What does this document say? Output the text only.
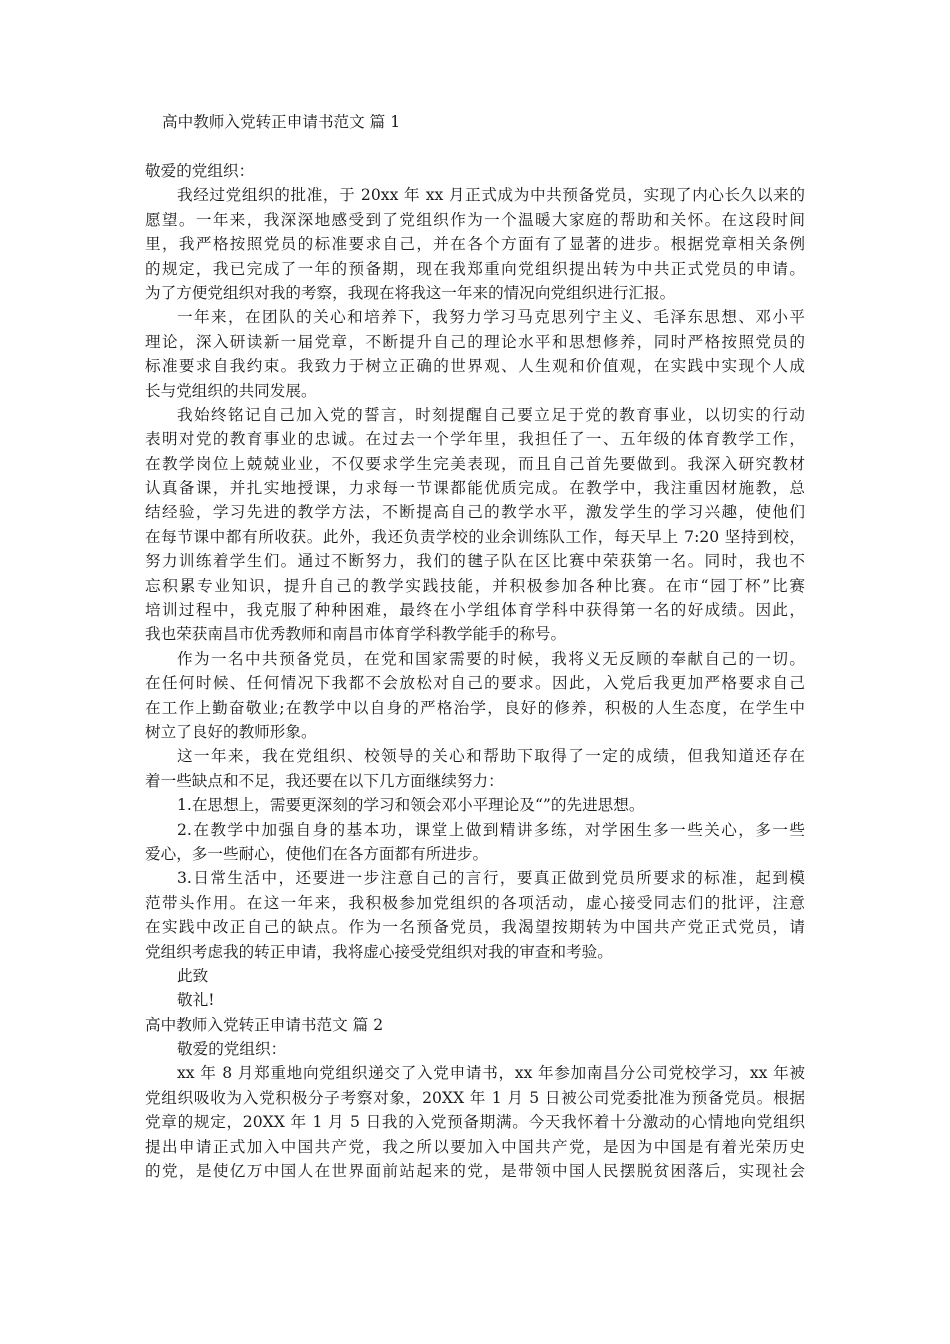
高中教师入党转正申请书范文 篇 1
敬爱的党组织：
我经过党组织的批准，于 20xx 年 xx 月正式成为中共预备党员，实现了内心长久以来的
愿望。一年来，我深深地感受到了党组织作为一个温暖大家庭的帮助和关怀。在这段时间
里，我严格按照党员的标准要求自己，并在各个方面有了显著的进步。根据党章相关条例
的规定，我已完成了一年的预备期，现在我郑重向党组织提出转为中共正式党员的申请。
为了方便党组织对我的考察，我现在将我这一年来的情况向党组织进行汇报。
一年来，在团队的关心和培养下，我努力学习马克思列宁主义、毛泽东思想、邓小平
理论，深入研读新一届党章，不断提升自己的理论水平和思想修养，同时严格按照党员的
标准要求自我约束。我致力于树立正确的世界观、人生观和价值观，在实践中实现个人成
长与党组织的共同发展。
我始终铭记自己加入党的誓言，时刻提醒自己要立足于党的教育事业，以切实的行动
表明对党的教育事业的忠诚。在过去一个学年里，我担任了一、五年级的体育教学工作，
在教学岗位上兢兢业业，不仅要求学生完美表现，而且自己首先要做到。我深入研究教材
认真备课，并扎实地授课，力求每一节课都能优质完成。在教学中，我注重因材施教，总
结经验，学习先进的教学方法，不断提高自己的教学水平，激发学生的学习兴趣，使他们
在每节课中都有所收获。此外，我还负责学校的业余训练队工作，每天早上 7:20 坚持到校，
努力训练着学生们。通过不断努力，我们的毽子队在区比赛中荣获第一名。同时，我也不
忘积累专业知识，提升自己的教学实践技能，并积极参加各种比赛。在市“园丁杯”比赛
培训过程中，我克服了种种困难，最终在小学组体育学科中获得第一名的好成绩。因此，
我也荣获南昌市优秀教师和南昌市体育学科教学能手的称号。
作为一名中共预备党员，在党和国家需要的时候，我将义无反顾的奉献自己的一切。
在任何时候、任何情况下我都不会放松对自己的要求。因此，入党后我更加严格要求自己
在工作上勤奋敬业;在教学中以自身的严格治学，良好的修养，积极的人生态度，在学生中
树立了良好的教师形象。
这一年来，我在党组织、校领导的关心和帮助下取得了一定的成绩，但我知道还存在
着一些缺点和不足，我还要在以下几方面继续努力：
1.在思想上，需要更深刻的学习和领会邓小平理论及“”的先进思想。
2.在教学中加强自身的基本功，课堂上做到精讲多练，对学困生多一些关心，多一些
爱心，多一些耐心，使他们在各方面都有所进步。
3.日常生活中，还要进一步注意自己的言行，要真正做到党员所要求的标准，起到模
范带头作用。在这一年来，我积极参加党组织的各项活动，虚心接受同志们的批评，注意
在实践中改正自己的缺点。作为一名预备党员，我渴望按期转为中国共产党正式党员，请
党组织考虑我的转正申请，我将虚心接受党组织对我的审查和考验。
此致
敬礼!
高中教师入党转正申请书范文 篇 2
敬爱的党组织：
xx 年 8 月郑重地向党组织递交了入党申请书，xx 年参加南昌分公司党校学习，xx 年被
党组织吸收为入党积极分子考察对象，20XX 年 1 月 5 日被公司党委批准为预备党员。根据
党章的规定，20XX 年 1 月 5 日我的入党预备期满。今天我怀着十分激动的心情地向党组织
提出申请正式加入中国共产党，我之所以要加入中国共产党，是因为中国是有着光荣历史
的党，是使亿万中国人在世界面前站起来的党，是带领中国人民摆脱贫困落后，实现社会
